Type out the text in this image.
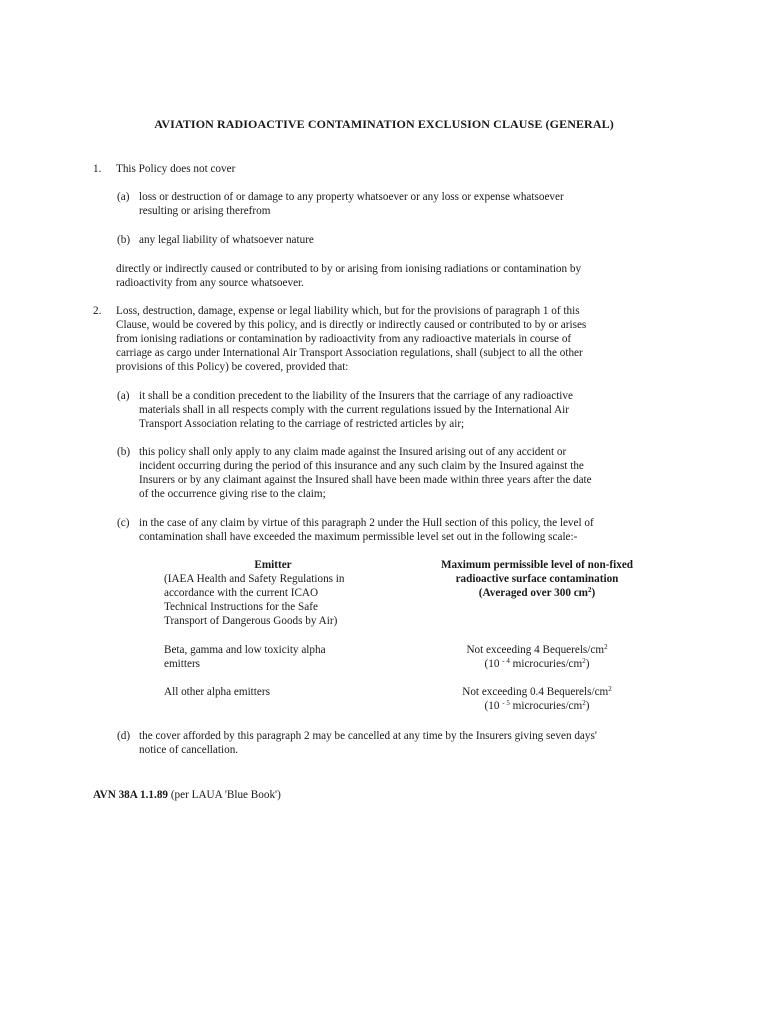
AVIATION RADIOACTIVE CONTAMINATION EXCLUSION CLAUSE (GENERAL)
1. This Policy does not cover
(a) loss or destruction of or damage to any property whatsoever or any loss or expense whatsoever
resulting or arising therefrom
(b) any legal liability of whatsoever nature
directly or indirectly caused or contributed to by or arising from ionising radiations or contamination by
radioactivity from any source whatsoever.
2. Loss, destruction, damage, expense or legal liability which, but for the provisions of paragraph 1 of this
Clause, would be covered by this policy, and is directly or indirectly caused or contributed to by or arises
from ionising radiations or contamination by radioactivity from any radioactive materials in course of
carriage as cargo under International Air Transport Association regulations, shall (subject to all the other
provisions of this Policy) be covered, provided that:
(a) it shall be a condition precedent to the liability of the Insurers that the carriage of any radioactive
materials shall in all respects comply with the current regulations issued by the International Air
Transport Association relating to the carriage of restricted articles by air;
(b) this policy shall only apply to any claim made against the Insured arising out of any accident or
incident occurring during the period of this insurance and any such claim by the Insured against the
Insurers or by any claimant against the Insured shall have been made within three years after the date
of the occurrence giving rise to the claim;
(c) in the case of any claim by virtue of this paragraph 2 under the Hull section of this policy, the level of
contamination shall have exceeded the maximum permissible level set out in the following scale:-
Emitter
(IAEA Health and Safety Regulations in
accordance with the current ICAO
Technical Instructions for the Safe
Transport of Dangerous Goods by Air)
Maximum permissible level of non-fixed
radioactive surface contamination
(Averaged over 300 $cm^2$)
Beta, gamma and low toxicity alpha
emitters
Not exceeding 4 Bequerels/$cm^2$
(10 $^{- 4}$ microcuries/$cm^2$)
All other alpha emitters	Not exceeding 0.4 Bequerels/$cm^2$
(10 $^{- 5}$ microcuries/$cm^2$)
(d) the cover afforded by this paragraph 2 may be cancelled at any time by the Insurers giving seven days'
notice of cancellation.
AVN 38A 1.1.89 (per LAUA 'Blue Book')
